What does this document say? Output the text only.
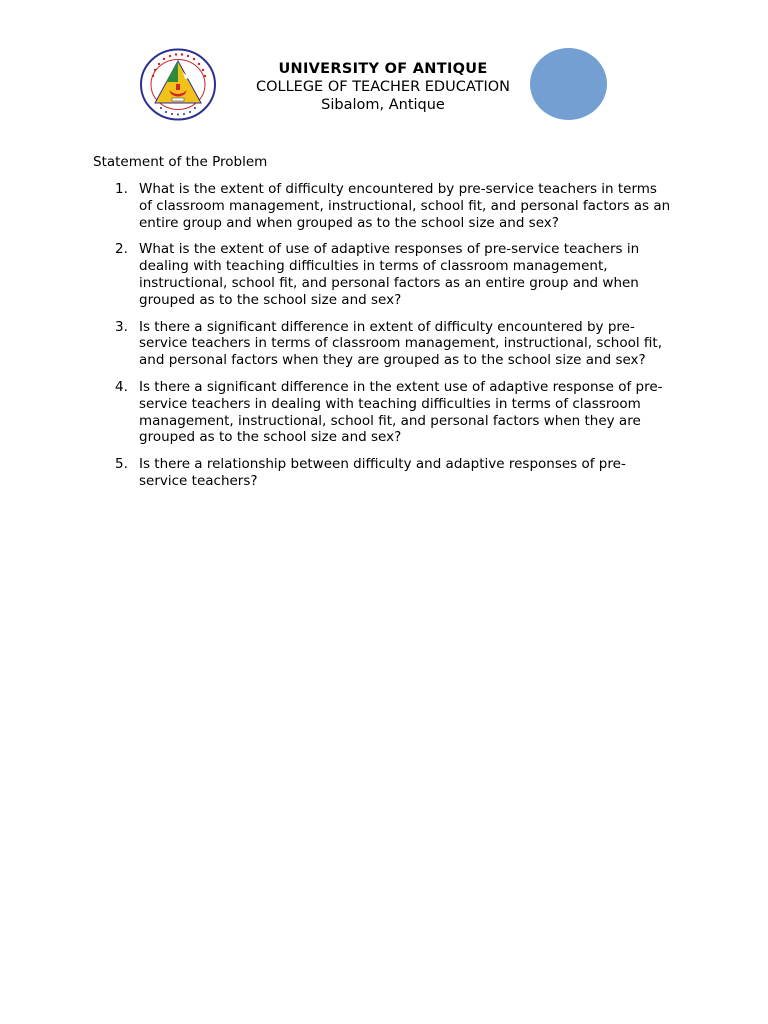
UNIVERSITY OF ANTIQUE
COLLEGE OF TEACHER EDUCATION
Sibalom, Antique
Statement of the Problem
1. What is the extent of difficulty encountered by pre-service teachers in terms of classroom management, instructional, school fit, and personal factors as an entire group and when grouped as to the school size and sex?
2. What is the extent of use of adaptive responses of pre-service teachers in dealing with teaching difficulties in terms of classroom management, instructional, school fit, and personal factors as an entire group and when grouped as to the school size and sex?
3. Is there a significant difference in extent of difficulty encountered by pre-service teachers in terms of classroom management, instructional, school fit, and personal factors when they are grouped as to the school size and sex?
4. Is there a significant difference in the extent use of adaptive response of pre-service teachers in dealing with teaching difficulties in terms of classroom management, instructional, school fit, and personal factors when they are grouped as to the school size and sex?
5. Is there a relationship between difficulty and adaptive responses of pre-service teachers?
